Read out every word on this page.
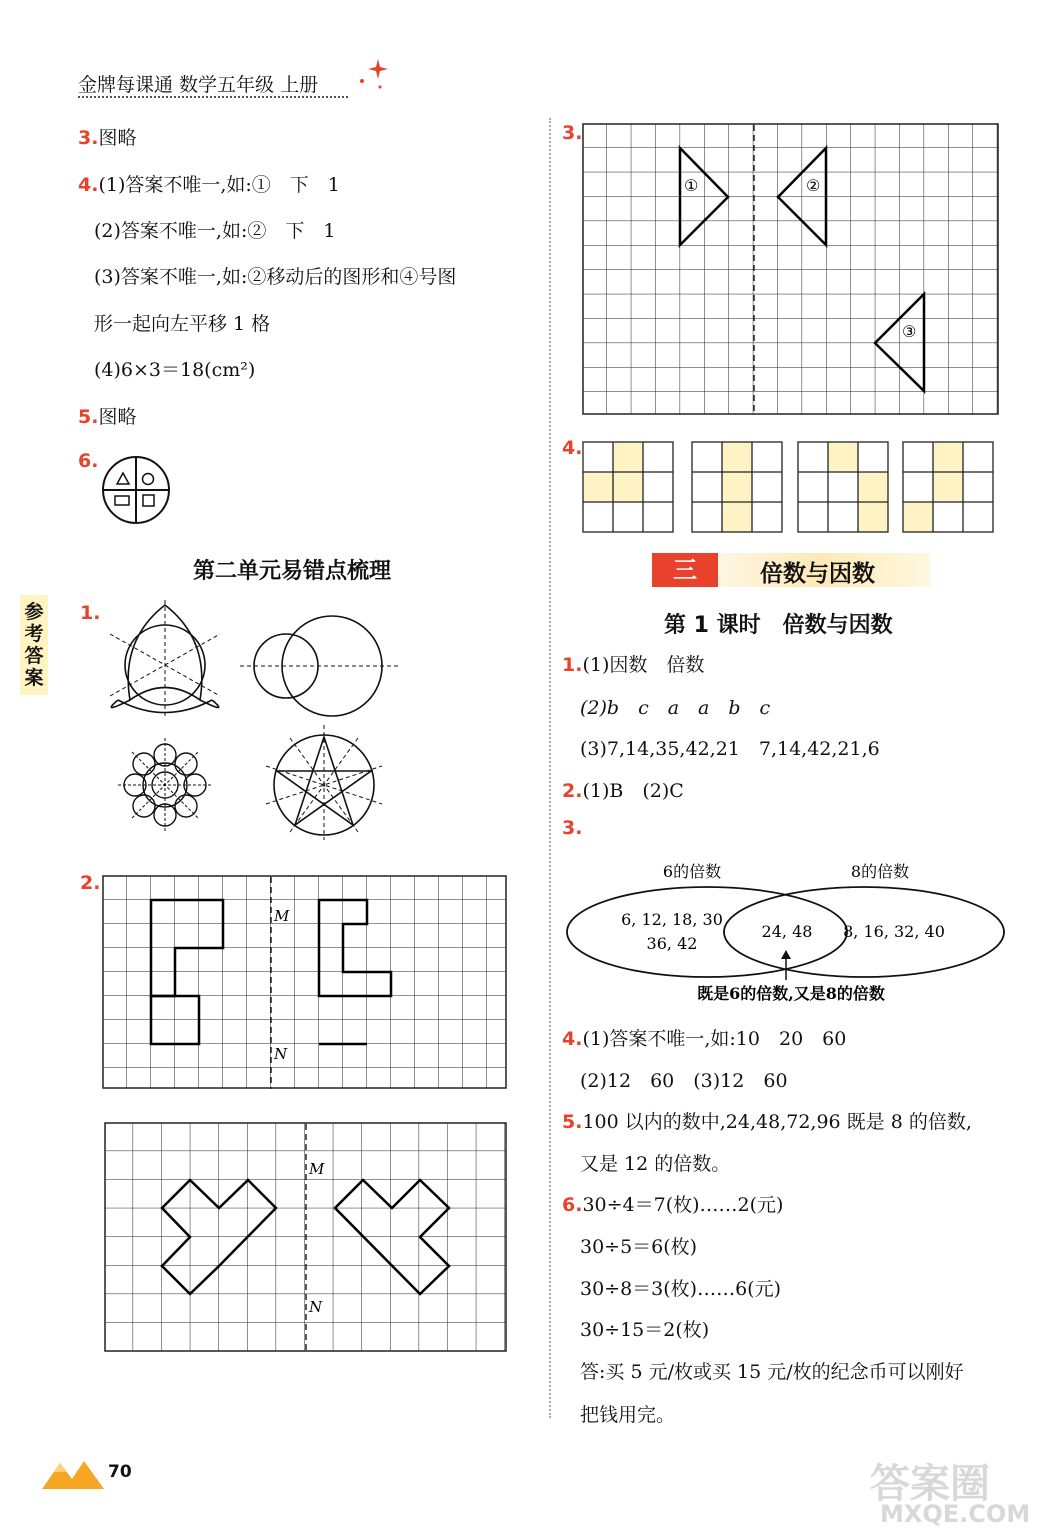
金牌每课通 数学五年级 上册
参
考
答
案
3.图略
4.(1)答案不唯一,如:①　下　1
(2)答案不唯一,如:②　下　1
(3)答案不唯一,如:②移动后的图形和④号图
形一起向左平移 1 格
(4)6×3＝18(cm²)
5.图略
6.
第二单元易错点梳理
1.
2.
M
N
M
N
3.
①	②
③
4.
三	倍数与因数
第 1 课时　倍数与因数
1.(1)因数　倍数
(2)b　c　a　a　b　c
(3)7,14,35,42,21　7,14,42,21,6
2.(1)B　(2)C
3.
6的倍数	8的倍数
6, 12, 18, 30
36, 42
24, 48 8, 16, 32, 40
既是6的倍数,又是8的倍数
4.(1)答案不唯一,如:10　20　60
(2)12　60　(3)12　60
5.100 以内的数中,24,48,72,96 既是 8 的倍数,
又是 12 的倍数。
6.30÷4＝7(枚)……2(元)
30÷5＝6(枚)
30÷8＝3(枚)……6(元)
30÷15＝2(枚)
答:买 5 元/枚或买 15 元/枚的纪念币可以刚好
把钱用完。
70	答案圈
MXQE.COM
